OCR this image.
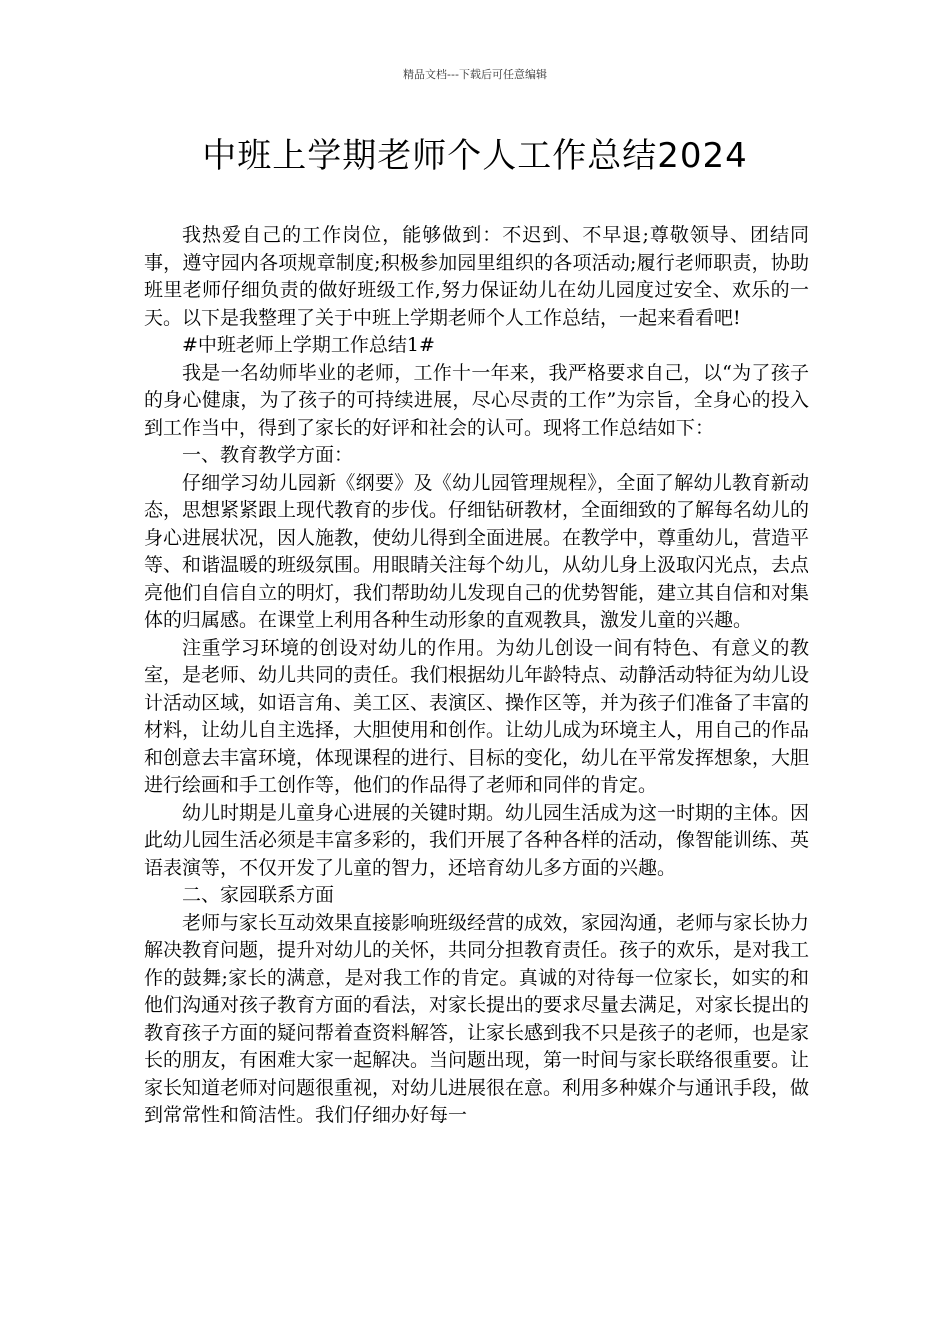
精品文档---下载后可任意编辑
中班上学期老师个人工作总结2024

我热爱自己的工作岗位，能够做到：不迟到、不早退;尊敬领导、团结同事，遵守园内各项规章制度;积极参加园里组织的各项活动;履行老师职责，协助班里老师仔细负责的做好班级工作,努力保证幼儿在幼儿园度过安全、欢乐的一天。以下是我整理了关于中班上学期老师个人工作总结，一起来看看吧!

#中班老师上学期工作总结1#

我是一名幼师毕业的老师，工作十一年来，我严格要求自己，以“为了孩子的身心健康，为了孩子的可持续进展，尽心尽责的工作”为宗旨，全身心的投入到工作当中，得到了家长的好评和社会的认可。现将工作总结如下：

一、教育教学方面：

仔细学习幼儿园新《纲要》及《幼儿园管理规程》，全面了解幼儿教育新动态，思想紧紧跟上现代教育的步伐。仔细钻研教材，全面细致的了解每名幼儿的身心进展状况，因人施教，使幼儿得到全面进展。在教学中，尊重幼儿，营造平等、和谐温暖的班级氛围。用眼睛关注每个幼儿，从幼儿身上汲取闪光点，去点亮他们自信自立的明灯，我们帮助幼儿发现自己的优势智能，建立其自信和对集体的归属感。在课堂上利用各种生动形象的直观教具，激发儿童的兴趣。

注重学习环境的创设对幼儿的作用。为幼儿创设一间有特色、有意义的教室，是老师、幼儿共同的责任。我们根据幼儿年龄特点、动静活动特征为幼儿设计活动区域，如语言角、美工区、表演区、操作区等，并为孩子们准备了丰富的材料，让幼儿自主选择，大胆使用和创作。让幼儿成为环境主人，用自己的作品和创意去丰富环境，体现课程的进行、目标的变化，幼儿在平常发挥想象，大胆进行绘画和手工创作等，他们的作品得了老师和同伴的肯定。

幼儿时期是儿童身心进展的关键时期。幼儿园生活成为这一时期的主体。因此幼儿园生活必须是丰富多彩的，我们开展了各种各样的活动，像智能训练、英语表演等，不仅开发了儿童的智力，还培育幼儿多方面的兴趣。

二、家园联系方面

老师与家长互动效果直接影响班级经营的成效，家园沟通，老师与家长协力解决教育问题，提升对幼儿的关怀，共同分担教育责任。孩子的欢乐，是对我工作的鼓舞;家长的满意，是对我工作的肯定。真诚的对待每一位家长，如实的和他们沟通对孩子教育方面的看法，对家长提出的要求尽量去满足，对家长提出的教育孩子方面的疑问帮着查资料解答，让家长感到我不只是孩子的老师，也是家长的朋友，有困难大家一起解决。当问题出现，第一时间与家长联络很重要。让家长知道老师对问题很重视，对幼儿进展很在意。利用多种媒介与通讯手段，做到常常性和简洁性。我们仔细办好每一
